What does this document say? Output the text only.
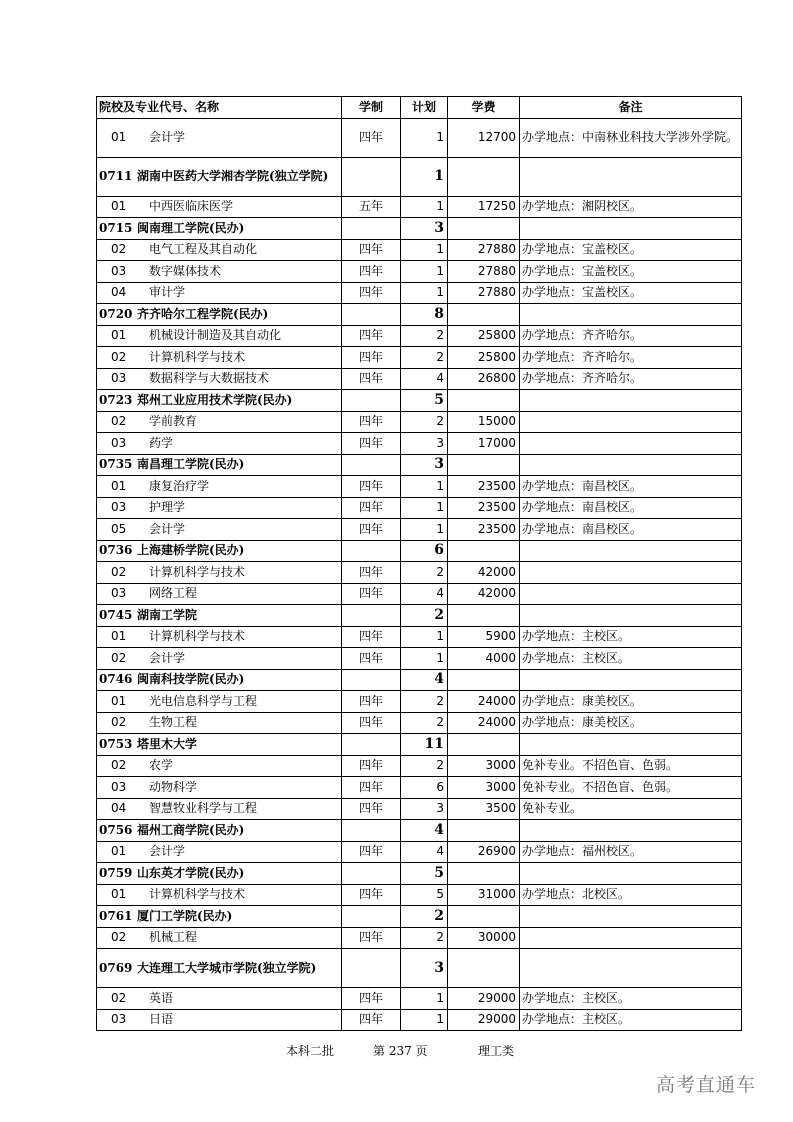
院校及专业代号、名称	学制	计划	学费	备注
01 会计学	四年	1	12700	办学地点：中南林业科技大学涉外学院。
0711 湖南中医药大学湘杏学院(独立学院)		1		
01 中西医临床医学	五年	1	17250	办学地点：湘阴校区。
0715 闽南理工学院(民办)		3		
02 电气工程及其自动化	四年	1	27880	办学地点：宝盖校区。
03 数字媒体技术	四年	1	27880	办学地点：宝盖校区。
04 审计学	四年	1	27880	办学地点：宝盖校区。
0720 齐齐哈尔工程学院(民办)		8		
01 机械设计制造及其自动化	四年	2	25800	办学地点：齐齐哈尔。
02 计算机科学与技术	四年	2	25800	办学地点：齐齐哈尔。
03 数据科学与大数据技术	四年	4	26800	办学地点：齐齐哈尔。
0723 郑州工业应用技术学院(民办)		5		
02 学前教育	四年	2	15000	
03 药学	四年	3	17000	
0735 南昌理工学院(民办)		3		
01 康复治疗学	四年	1	23500	办学地点：南昌校区。
03 护理学	四年	1	23500	办学地点：南昌校区。
05 会计学	四年	1	23500	办学地点：南昌校区。
0736 上海建桥学院(民办)		6		
02 计算机科学与技术	四年	2	42000	
03 网络工程	四年	4	42000	
0745 湖南工学院		2		
01 计算机科学与技术	四年	1	5900	办学地点：主校区。
02 会计学	四年	1	4000	办学地点：主校区。
0746 闽南科技学院(民办)		4		
01 光电信息科学与工程	四年	2	24000	办学地点：康美校区。
02 生物工程	四年	2	24000	办学地点：康美校区。
0753 塔里木大学		11		
02 农学	四年	2	3000	免补专业。不招色盲、色弱。
03 动物科学	四年	6	3000	免补专业。不招色盲、色弱。
04 智慧牧业科学与工程	四年	3	3500	免补专业。
0756 福州工商学院(民办)		4		
01 会计学	四年	4	26900	办学地点：福州校区。
0759 山东英才学院(民办)		5		
01 计算机科学与技术	四年	5	31000	办学地点：北校区。
0761 厦门工学院(民办)		2		
02 机械工程	四年	2	30000	
0769 大连理工大学城市学院(独立学院)		3		
02 英语	四年	1	29000	办学地点：主校区。
03 日语	四年	1	29000	办学地点：主校区。
本科二批	第 237 页	理工类
高考直通车
